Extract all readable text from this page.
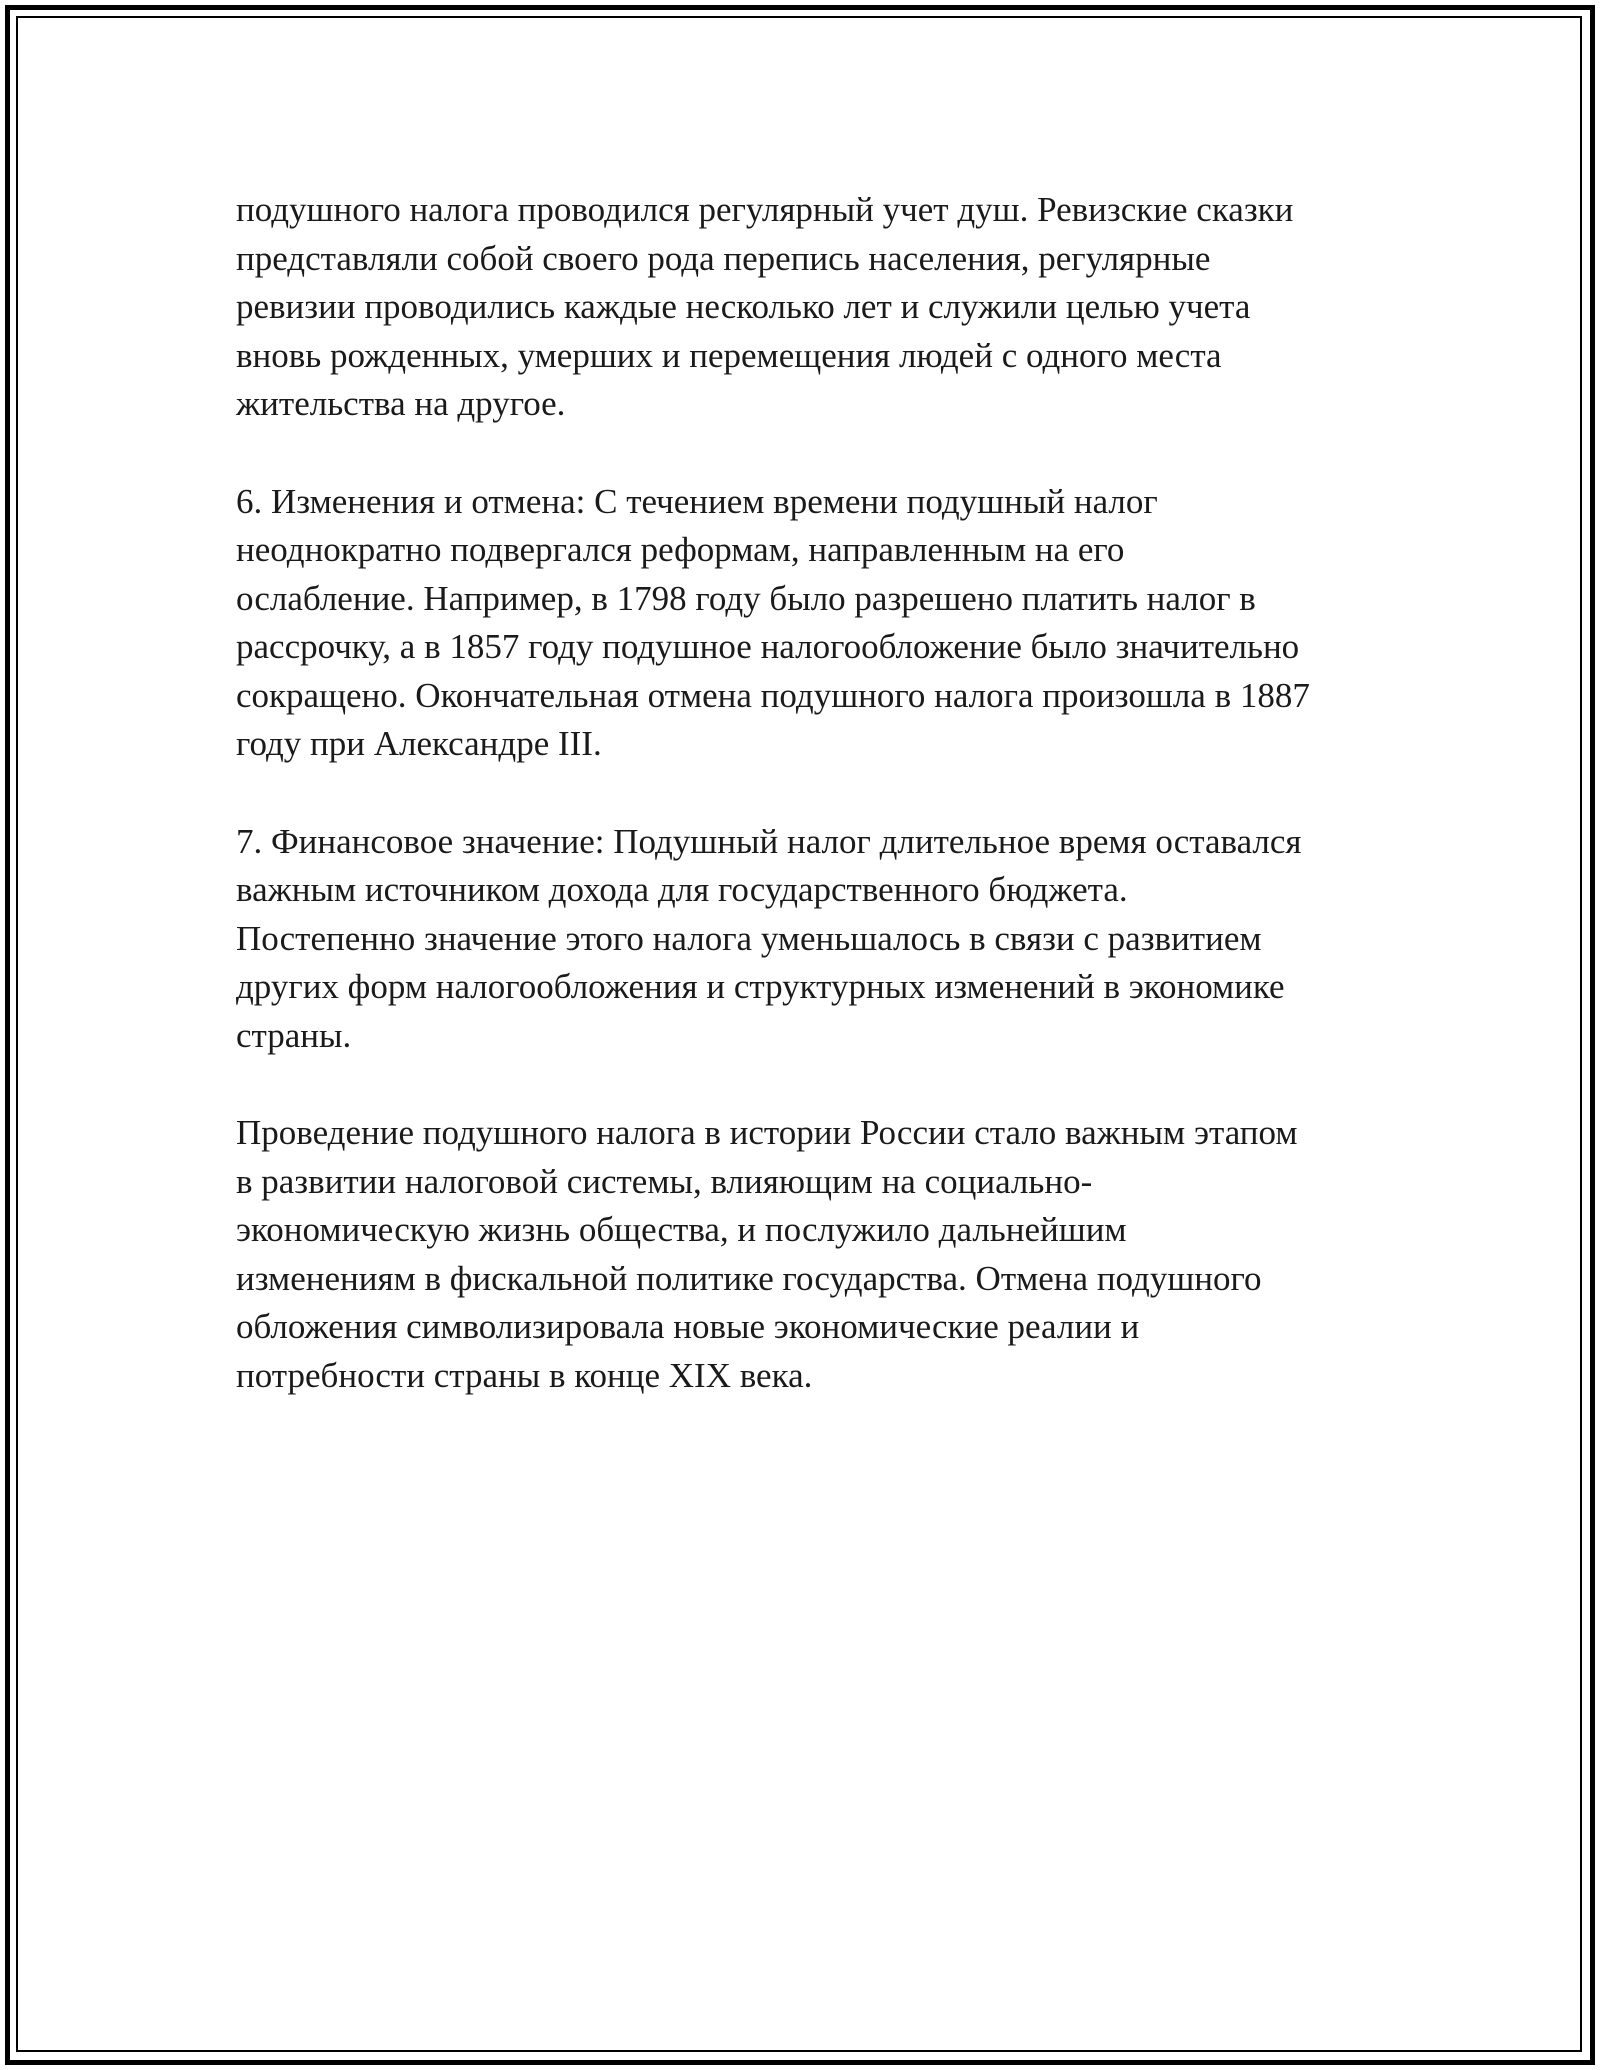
подушного налога проводился регулярный учет душ. Ревизские сказки
представляли собой своего рода перепись населения, регулярные
ревизии проводились каждые несколько лет и служили целью учета
вновь рожденных, умерших и перемещения людей с одного места
жительства на другое.

6. Изменения и отмена: С течением времени подушный налог
неоднократно подвергался реформам, направленным на его
ослабление. Например, в 1798 году было разрешено платить налог в
рассрочку, а в 1857 году подушное налогообложение было значительно
сокращено. Окончательная отмена подушного налога произошла в 1887
году при Александре III.

7. Финансовое значение: Подушный налог длительное время оставался
важным источником дохода для государственного бюджета.
Постепенно значение этого налога уменьшалось в связи с развитием
других форм налогообложения и структурных изменений в экономике
страны.

Проведение подушного налога в истории России стало важным этапом
в развитии налоговой системы, влияющим на социально-
экономическую жизнь общества, и послужило дальнейшим
изменениям в фискальной политике государства. Отмена подушного
обложения символизировала новые экономические реалии и
потребности страны в конце XIX века.
